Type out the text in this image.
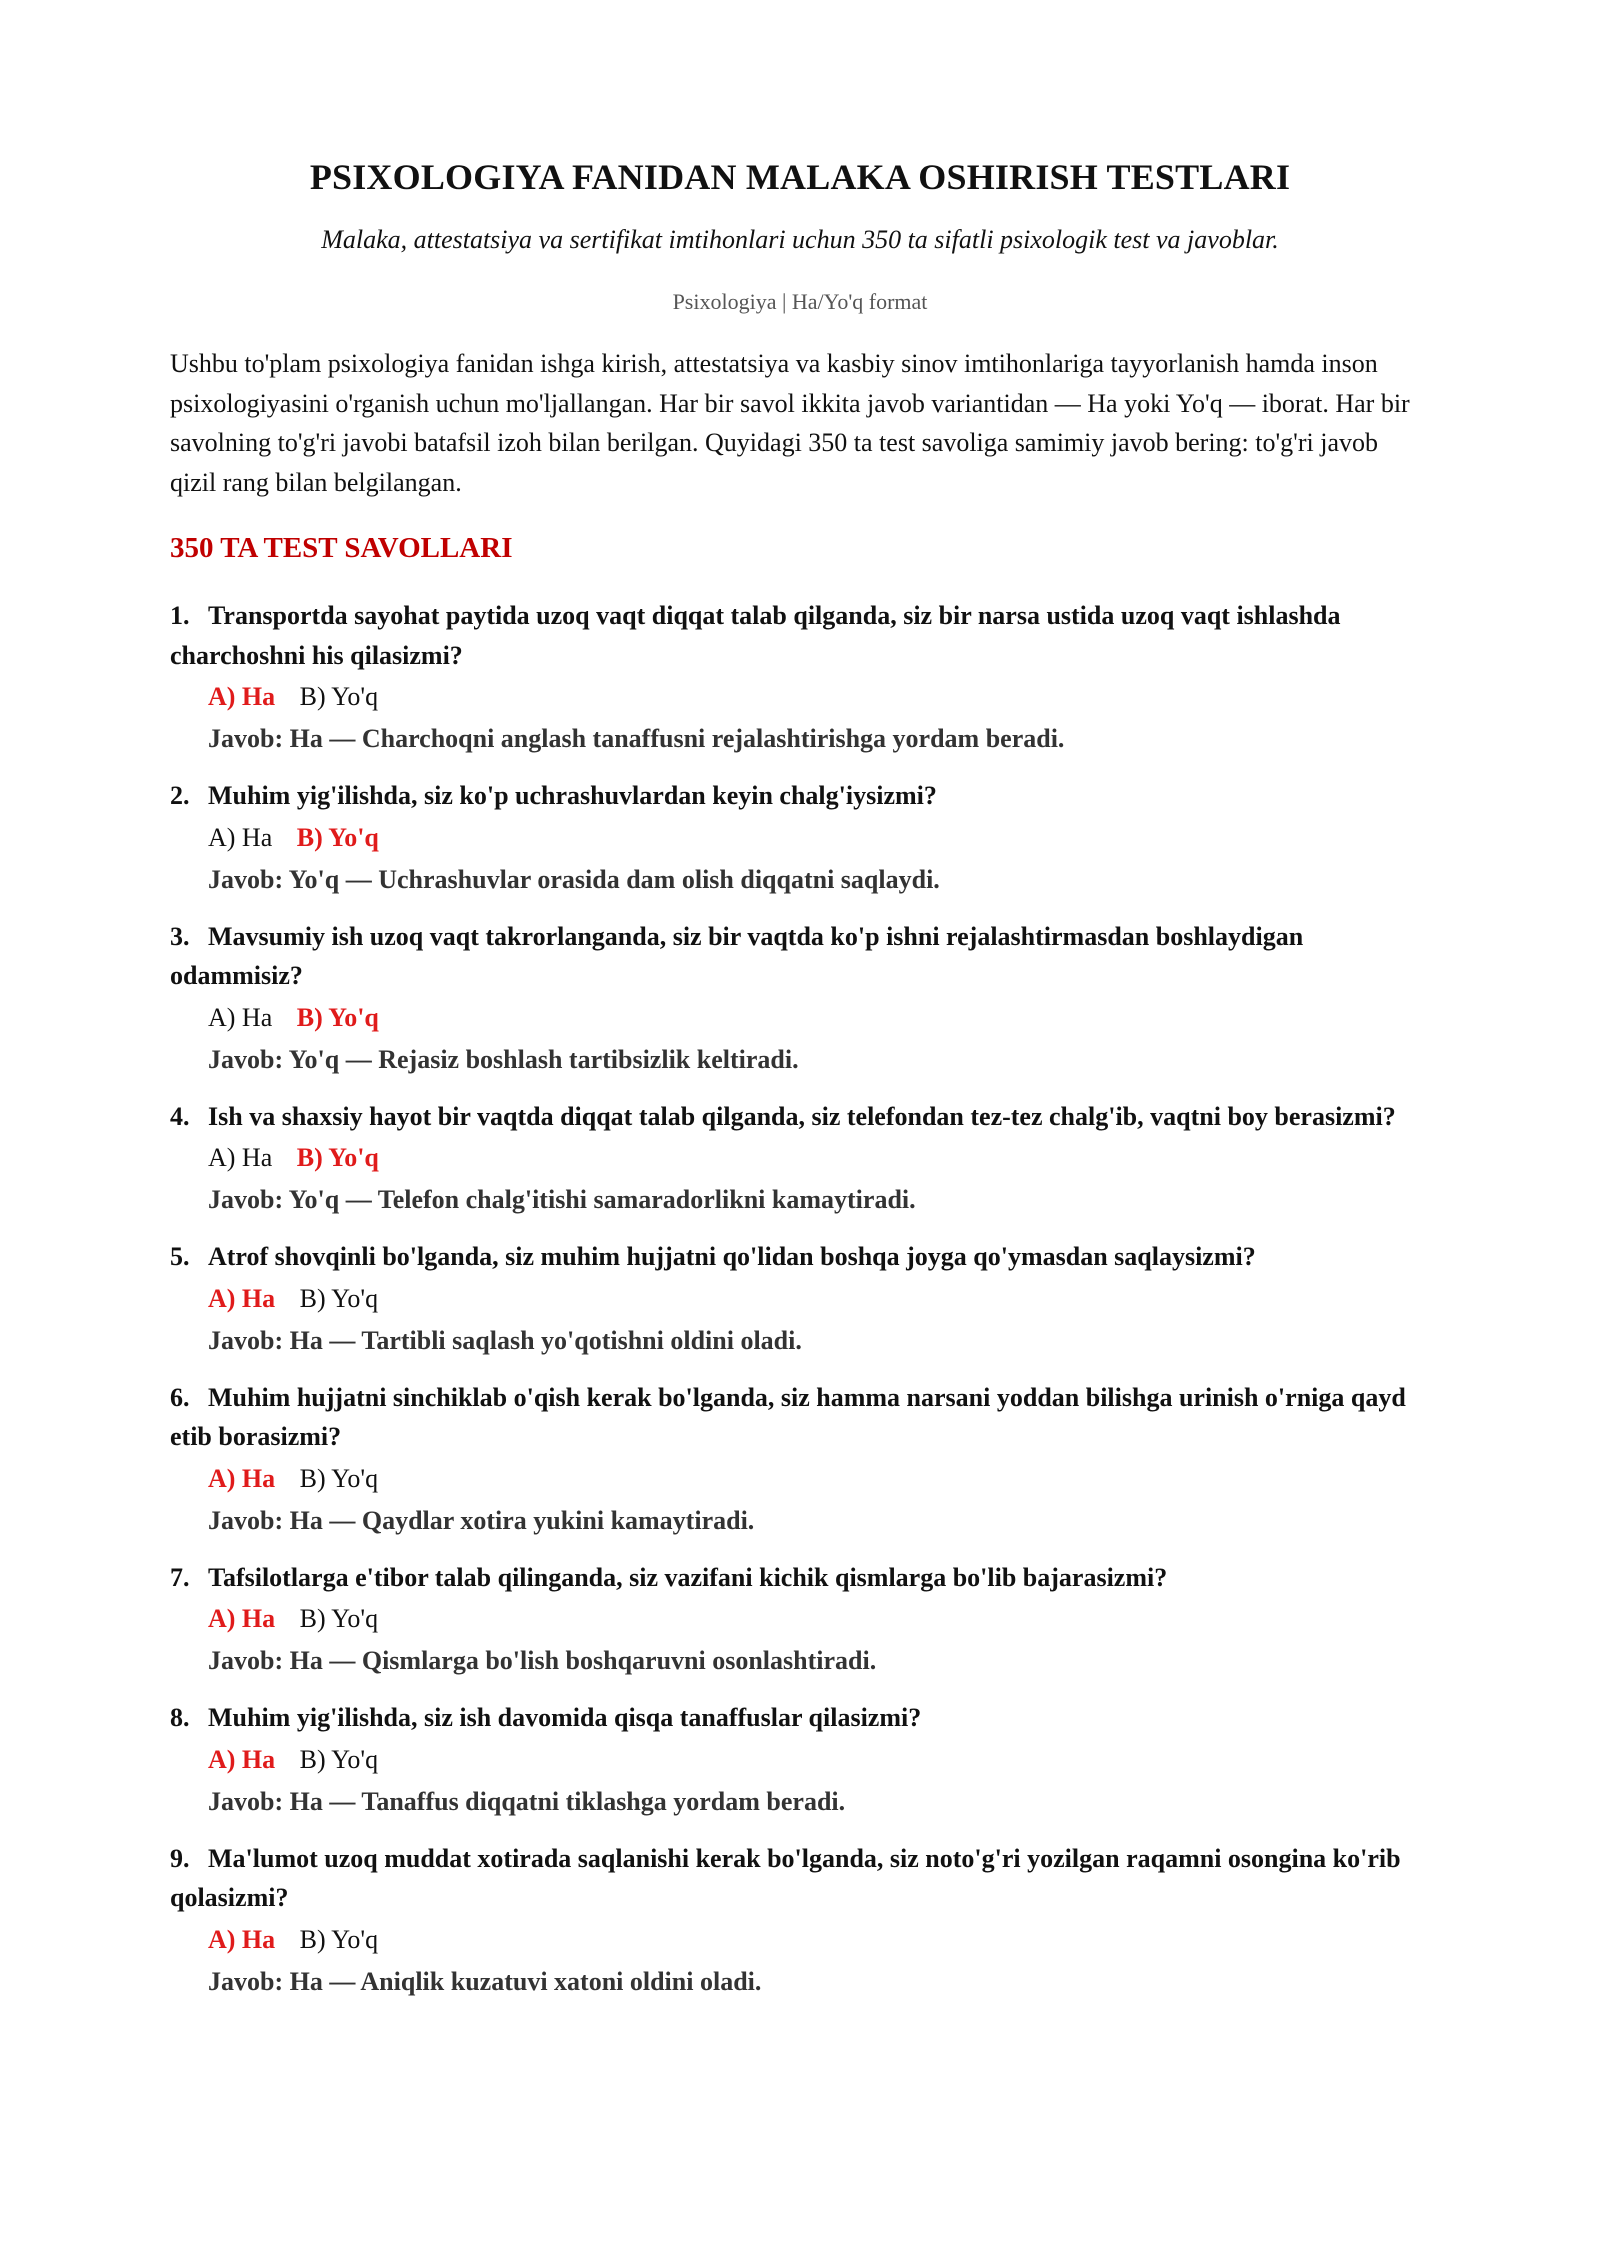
PSIXOLOGIYA FANIDAN MALAKA OSHIRISH TESTLARI

Malaka, attestatsiya va sertifikat imtihonlari uchun 350 ta sifatli psixologik test va javoblar.

Psixologiya | Ha/Yo'q format

Ushbu to'plam psixologiya fanidan ishga kirish, attestatsiya va kasbiy sinov imtihonlariga tayyorlanish hamda inson psixologiyasini o'rganish uchun mo'ljallangan. Har bir savol ikkita javob variantidan — Ha yoki Yo'q — iborat. Har bir savolning to'g'ri javobi batafsil izoh bilan berilgan. Quyidagi 350 ta test savoliga samimiy javob bering: to'g'ri javob qizil rang bilan belgilangan.

350 TA TEST SAVOLLARI

1. Transportda sayohat paytida uzoq vaqt diqqat talab qilganda, siz bir narsa ustida uzoq vaqt ishlashda charchoshni his qilasizmi?

A) Ha B) Yo'q
Javob: Ha — Charchoqni anglash tanaffusni rejalashtirishga yordam beradi.

2. Muhim yig'ilishda, siz ko'p uchrashuvlardan keyin chalg'iysizmi?

A) Ha B) Yo'q
Javob: Yo'q — Uchrashuvlar orasida dam olish diqqatni saqlaydi.

3. Mavsumiy ish uzoq vaqt takrorlanganda, siz bir vaqtda ko'p ishni rejalashtirmasdan boshlaydigan odammisiz?

A) Ha B) Yo'q
Javob: Yo'q — Rejasiz boshlash tartibsizlik keltiradi.

4. Ish va shaxsiy hayot bir vaqtda diqqat talab qilganda, siz telefondan tez-tez chalg'ib, vaqtni boy berasizmi?

A) Ha B) Yo'q
Javob: Yo'q — Telefon chalg'itishi samaradorlikni kamaytiradi.

5. Atrof shovqinli bo'lganda, siz muhim hujjatni qo'lidan boshqa joyga qo'ymasdan saqlaysizmi?

A) Ha B) Yo'q
Javob: Ha — Tartibli saqlash yo'qotishni oldini oladi.

6. Muhim hujjatni sinchiklab o'qish kerak bo'lganda, siz hamma narsani yoddan bilishga urinish o'rniga qayd etib borasizmi?

A) Ha B) Yo'q
Javob: Ha — Qaydlar xotira yukini kamaytiradi.

7. Tafsilotlarga e'tibor talab qilinganda, siz vazifani kichik qismlarga bo'lib bajarasizmi?

A) Ha B) Yo'q
Javob: Ha — Qismlarga bo'lish boshqaruvni osonlashtiradi.

8. Muhim yig'ilishda, siz ish davomida qisqa tanaffuslar qilasizmi?

A) Ha B) Yo'q
Javob: Ha — Tanaffus diqqatni tiklashga yordam beradi.

9. Ma'lumot uzoq muddat xotirada saqlanishi kerak bo'lganda, siz noto'g'ri yozilgan raqamni osongina ko'rib qolasizmi?

A) Ha B) Yo'q
Javob: Ha — Aniqlik kuzatuvi xatoni oldini oladi.
